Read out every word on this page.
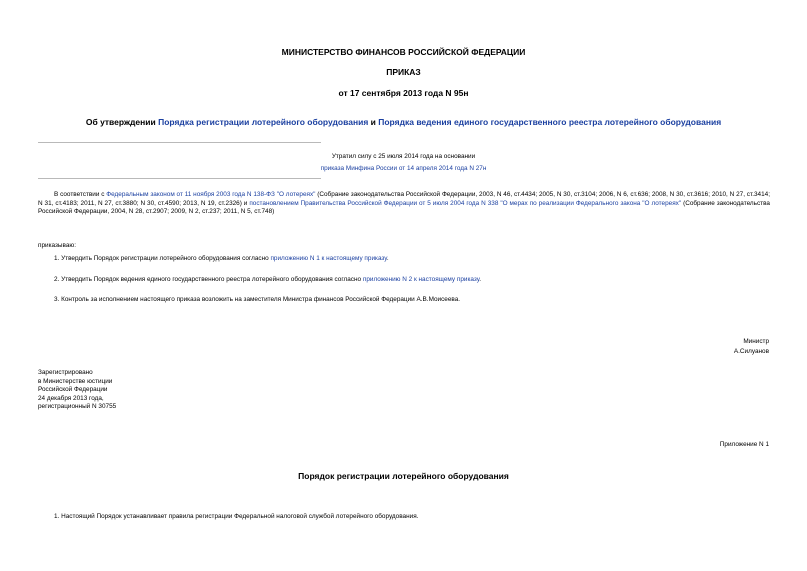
МИНИСТЕРСТВО ФИНАНСОВ РОССИЙСКОЙ ФЕДЕРАЦИИ
ПРИКАЗ
от 17 сентября 2013 года N 95н
Об утверждении Порядка регистрации лотерейного оборудования и Порядка ведения единого государственного реестра лотерейного оборудования
Утратил силу с 25 июля 2014 года на основании
приказа Минфина России от 14 апреля 2014 года N 27н
В соответствии с Федеральным законом от 11 ноября 2003 года N 138-ФЗ "О лотереях" (Собрание законодательства Российской Федерации, 2003, N 46, ст.4434; 2005, N 30, ст.3104; 2006, N 6, ст.636; 2008, N 30, ст.3616; 2010, N 27, ст.3414; N 31, ст.4183; 2011, N 27, ст.3880; N 30, ст.4590; 2013, N 19, ст.2326) и постановлением Правительства Российской Федерации от 5 июля 2004 года N 338 "О мерах по реализации Федерального закона "О лотереях" (Собрание законодательства Российской Федерации, 2004, N 28, ст.2907; 2009, N 2, ст.237; 2011, N 5, ст.748)
приказываю:
1. Утвердить Порядок регистрации лотерейного оборудования согласно приложению N 1 к настоящему приказу.
2. Утвердить Порядок ведения единого государственного реестра лотерейного оборудования согласно приложению N 2 к настоящему приказу.
3. Контроль за исполнением настоящего приказа возложить на заместителя Министра финансов Российской Федерации А.В.Моисеева.
Министр
А.Силуанов
Зарегистрировано
в Министерстве юстиции
Российской Федерации
24 декабря 2013 года,
регистрационный N 30755
Приложение N 1
Порядок регистрации лотерейного оборудования
1. Настоящий Порядок устанавливает правила регистрации Федеральной налоговой службой лотерейного оборудования.
